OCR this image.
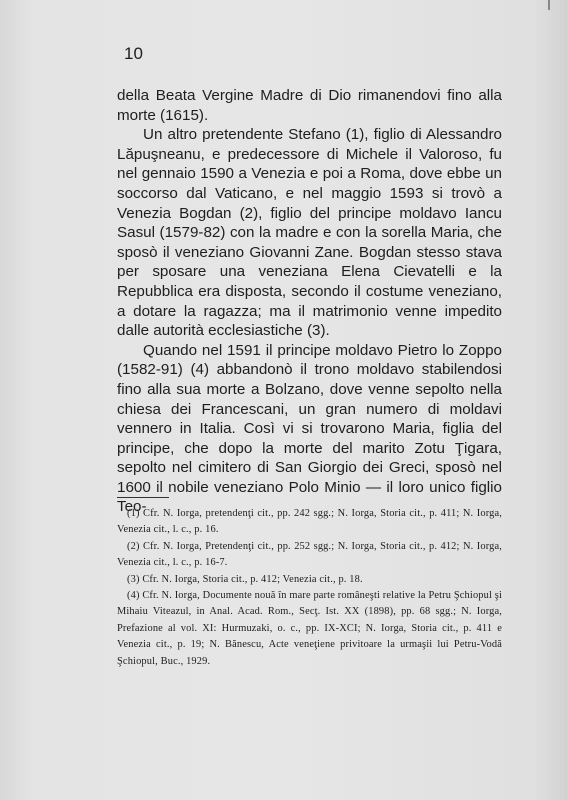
10

della Beata Vergine Madre di Dio rimanendovi fino alla morte (1615).

Un altro pretendente Stefano (1), figlio di Alessandro Lăpuşneanu, e predecessore di Michele il Valoroso, fu nel gennaio 1590 a Venezia e poi a Roma, dove ebbe un soccorso dal Vaticano, e nel maggio 1593 si trovò a Venezia Bogdan (2), figlio del principe moldavo Iancu Sasul (1579-82) con la madre e con la sorella Maria, che sposò il veneziano Giovanni Zane. Bogdan stesso stava per sposare una veneziana Elena Cievatelli e la Repubblica era disposta, secondo il costume veneziano, a dotare la ragazza; ma il matrimonio venne impedito dalle autorità ecclesiastiche (3).

Quando nel 1591 il principe moldavo Pietro lo Zoppo (1582-91) (4) abbandonò il trono moldavo stabilendosi fino alla sua morte a Bolzano, dove venne sepolto nella chiesa dei Francescani, un gran numero di moldavi vennero in Italia. Così vi si trovarono Maria, figlia del principe, che dopo la morte del marito Zotu Ţigara, sepolto nel cimitero di San Giorgio dei Greci, sposò nel 1600 il nobile veneziano Polo Minio — il loro unico figlio Teo-

(1) Cfr. N. Iorga, pretendenţi cit., pp. 242 sgg.; N. Iorga, Storia cit., p. 411; N. Iorga, Venezia cit., l. c., p. 16.

(2) Cfr. N. Iorga, Pretendenţi cit., pp. 252 sgg.; N. Iorga, Storia cit., p. 412; N. Iorga, Venezia cit., l. c., p. 16-7.

(3) Cfr. N. Iorga, Storia cit., p. 412; Venezia cit., p. 18.

(4) Cfr. N. Iorga, Documente nouă în mare parte româneşti relative la Petru Şchiopul şi Mihaiu Viteazul, in Anal. Acad. Rom., Secţ. Ist. XX (1898), pp. 68 sgg.; N. Iorga, Prefazione al vol. XI: Hurmuzaki, o. c., pp. IX-XCI; N. Iorga, Storia cit., p. 411 e Venezia cit., p. 19; N. Bănescu, Acte veneţiene privitoare la urmaşii lui Petru-Vodă Şchiopul, Buc., 1929.
